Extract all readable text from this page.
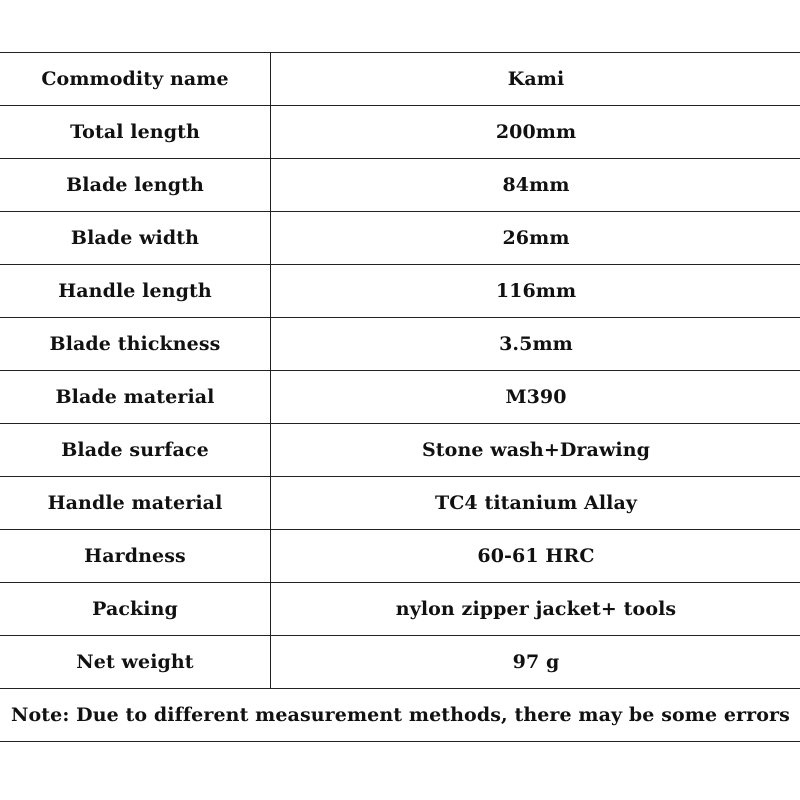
Commodity name	Kami
Total length	200mm
Blade length	84mm
Blade width	26mm
Handle length	116mm
Blade thickness	3.5mm
Blade material	M390
Blade surface	Stone wash+Drawing
Handle material	TC4 titanium Allay
Hardness	60-61 HRC
Packing	nylon zipper jacket+ tools
Net weight	97 g
Note: Due to different measurement methods, there may be some errors	
